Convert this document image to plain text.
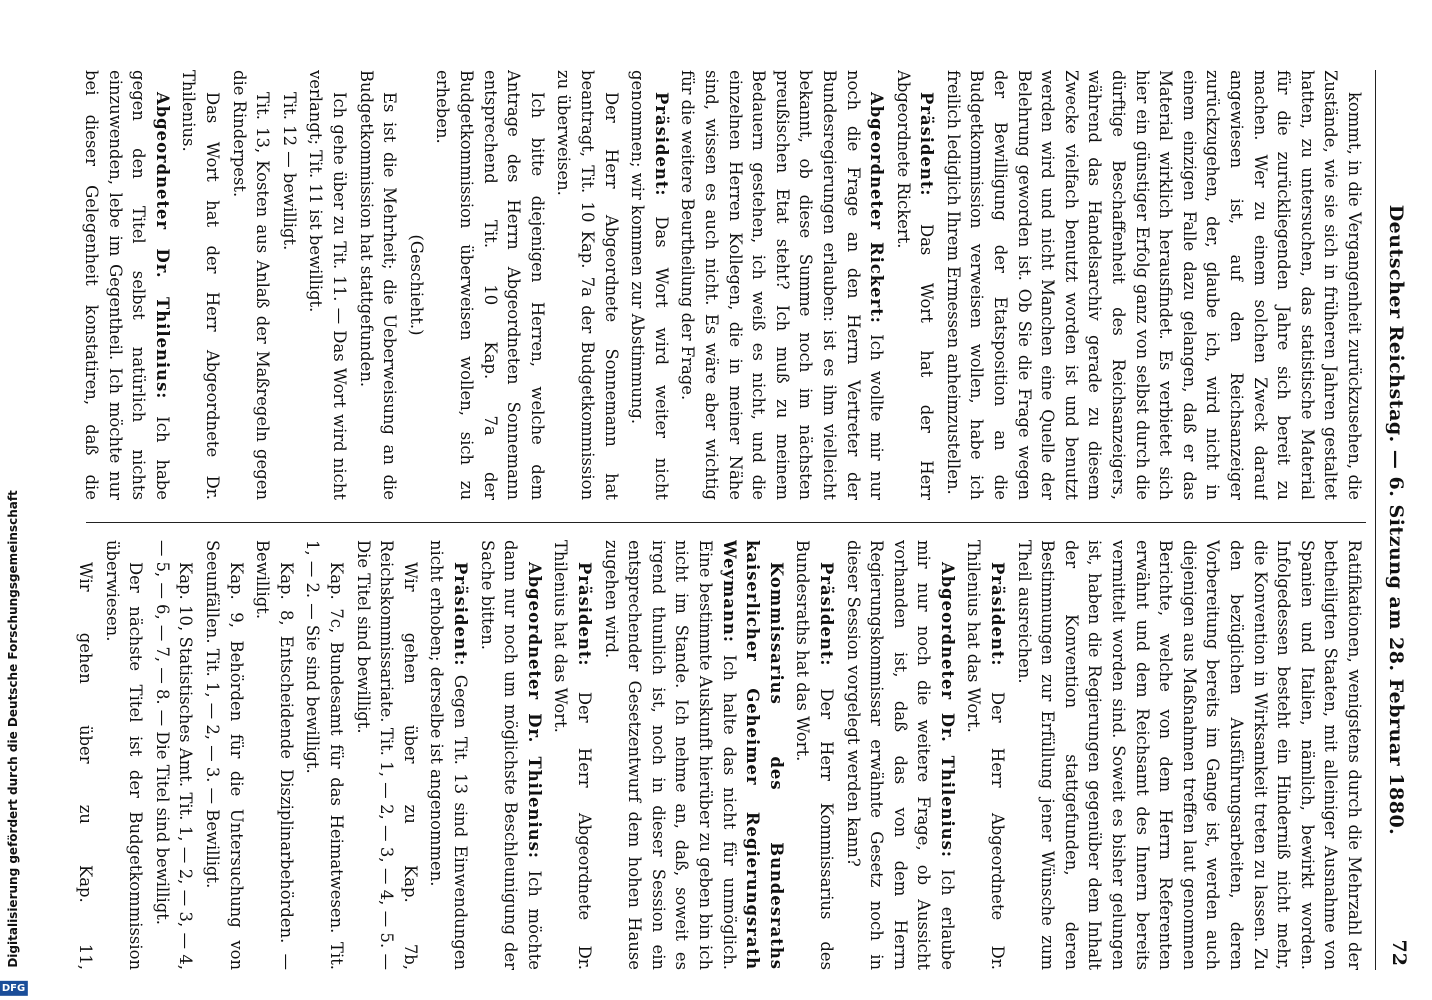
72
Deutscher Reichstag. — 6. Sitzung am 28. Februar 1880.

kommt, in die Vergangenheit zurückzusehen, die Zustände, wie sie sich in früheren Jahren gestaltet hatten, zu untersuchen, das statistische Material für die zurückliegenden Jahre sich bereit zu machen. Wer zu einem solchen Zweck darauf angewiesen ist, auf den Reichsanzeiger zurückzugehen, der, glaube ich, wird nicht in einem einzigen Falle dazu gelangen, daß er das Material wirklich herausfindet. Es verbietet sich hier ein günstiger Erfolg ganz von selbst durch die dürftige Beschaffenheit des Reichsanzeigers, während das Handelsarchiv gerade zu diesem Zwecke vielfach benutzt worden ist und benutzt werden wird und nicht Manchen eine Quelle der Belehrung geworden ist. Ob Sie die Frage wegen der Bewilligung der Etatsposition an die Budgetkommission verweisen wollen, habe ich freilich lediglich Ihrem Ermessen anheimzustellen.

Präsident: Das Wort hat der Herr Abgeordnete Rickert.

Abgeordneter Rickert: Ich wollte mir nur noch die Frage an den Herrn Vertreter der Bundesregierungen erlauben: ist es ihm vielleicht bekannt, ob diese Summe noch im nächsten preußischen Etat steht? Ich muß zu meinem Bedauern gestehen, ich weiß es nicht, und die einzelnen Herren Kollegen, die in meiner Nähe sind, wissen es auch nicht. Es wäre aber wichtig für die weitere Beurtheilung der Frage.

Präsident: Das Wort wird weiter nicht genommen; wir kommen zur Abstimmung.

Der Herr Abgeordnete Sonnemann hat beantragt, Tit. 10 Kap. 7a der Budgetkommission zu überweisen.

Ich bitte diejenigen Herren, welche dem Antrage des Herrn Abgeordneten Sonnemann entsprechend Tit. 10 Kap. 7a der Budgetkommission überweisen wollen, sich zu erheben.

(Geschieht.)

Es ist die Mehrheit; die Ueberweisung an die Budgetkommission hat stattgefunden.

Ich gehe über zu Tit. 11. — Das Wort wird nicht verlangt; Tit. 11 ist bewilligt.

Tit. 12 — bewilligt.

Tit. 13, Kosten aus Anlaß der Maßregeln gegen die Rinderpest.

Das Wort hat der Herr Abgeordnete Dr. Thilenius.

Abgeordneter Dr. Thilenius: Ich habe gegen den Titel selbst natürlich nichts einzuwenden, lebe im Gegentheil. Ich möchte nur bei dieser Gelegenheit konstatiren, daß die

Ratifikationen, wenigstens durch die Mehrzahl der betheiligten Staaten, mit alleiniger Ausnahme von Spanien und Italien, nämlich, bewirkt worden. Infolgedessen besteht ein Hinderniß nicht mehr, die Konvention in Wirksamkeit treten zu lassen. Zu den bezüglichen Ausführungsarbeiten, deren Vorbereitung bereits im Gange ist, werden auch diejenigen aus Maßnahmen treffen laut genommen Berichte, welche von dem Herrn Referenten erwähnt und dem Reichsamt des Innern bereits vermittelt worden sind. Soweit es bisher gelungen ist, haben die Regierungen gegenüber dem Inhalt der Konvention stattgefunden, deren Bestimmungen zur Erfüllung jener Wünsche zum Theil ausreichen.

Präsident: Der Herr Abgeordnete Dr. Thilenius hat das Wort.

Abgeordneter Dr. Thilenius: Ich erlaube mir nur noch die weitere Frage, ob Aussicht vorhanden ist, daß das von dem Herrn Regierungskommissar erwähnte Gesetz noch in dieser Session vorgelegt werden kann?

Präsident: Der Herr Kommissarius des Bundesraths hat das Wort.

Kommissarius des Bundesraths kaiserlicher Geheimer Regierungsrath Weymann: Ich halte das nicht für unmöglich. Eine bestimmte Auskunft hierüber zu geben bin ich nicht im Stande. Ich nehme an, daß, soweit es irgend thunlich ist, noch in dieser Session ein entsprechender Gesetzentwurf dem hohen Hause zugehen wird.

Präsident: Der Herr Abgeordnete Dr. Thilenius hat das Wort.

Abgeordneter Dr. Thilenius: Ich möchte dann nur noch um möglichste Beschleunigung der Sache bitten.

Präsident: Gegen Tit. 13 sind Einwendungen nicht erhoben; derselbe ist angenommen.

Wir gehen über zu Kap. 7b, Reichskommissariate. Tit. 1, — 2, — 3, — 4, — 5. — Die Titel sind bewilligt.

Kap. 7c, Bundesamt für das Heimatwesen. Tit. 1, — 2. — Sie sind bewilligt.

Kap. 8, Entscheidende Disziplinarbehörden. — Bewilligt.

Kap. 9, Behörden für die Untersuchung von Seeunfällen. Tit. 1, — 2, — 3. — Bewilligt.

Kap. 10, Statistisches Amt. Tit. 1, — 2, — 3, — 4, — 5, — 6, — 7, — 8. — Die Titel sind bewilligt.

Der nächste Titel ist der Budgetkommission überwiesen.

Wir gehen über zu Kap. 11,

DFG
Digitalisierung gefördert durch die Deutsche Forschungsgemeinschaft
